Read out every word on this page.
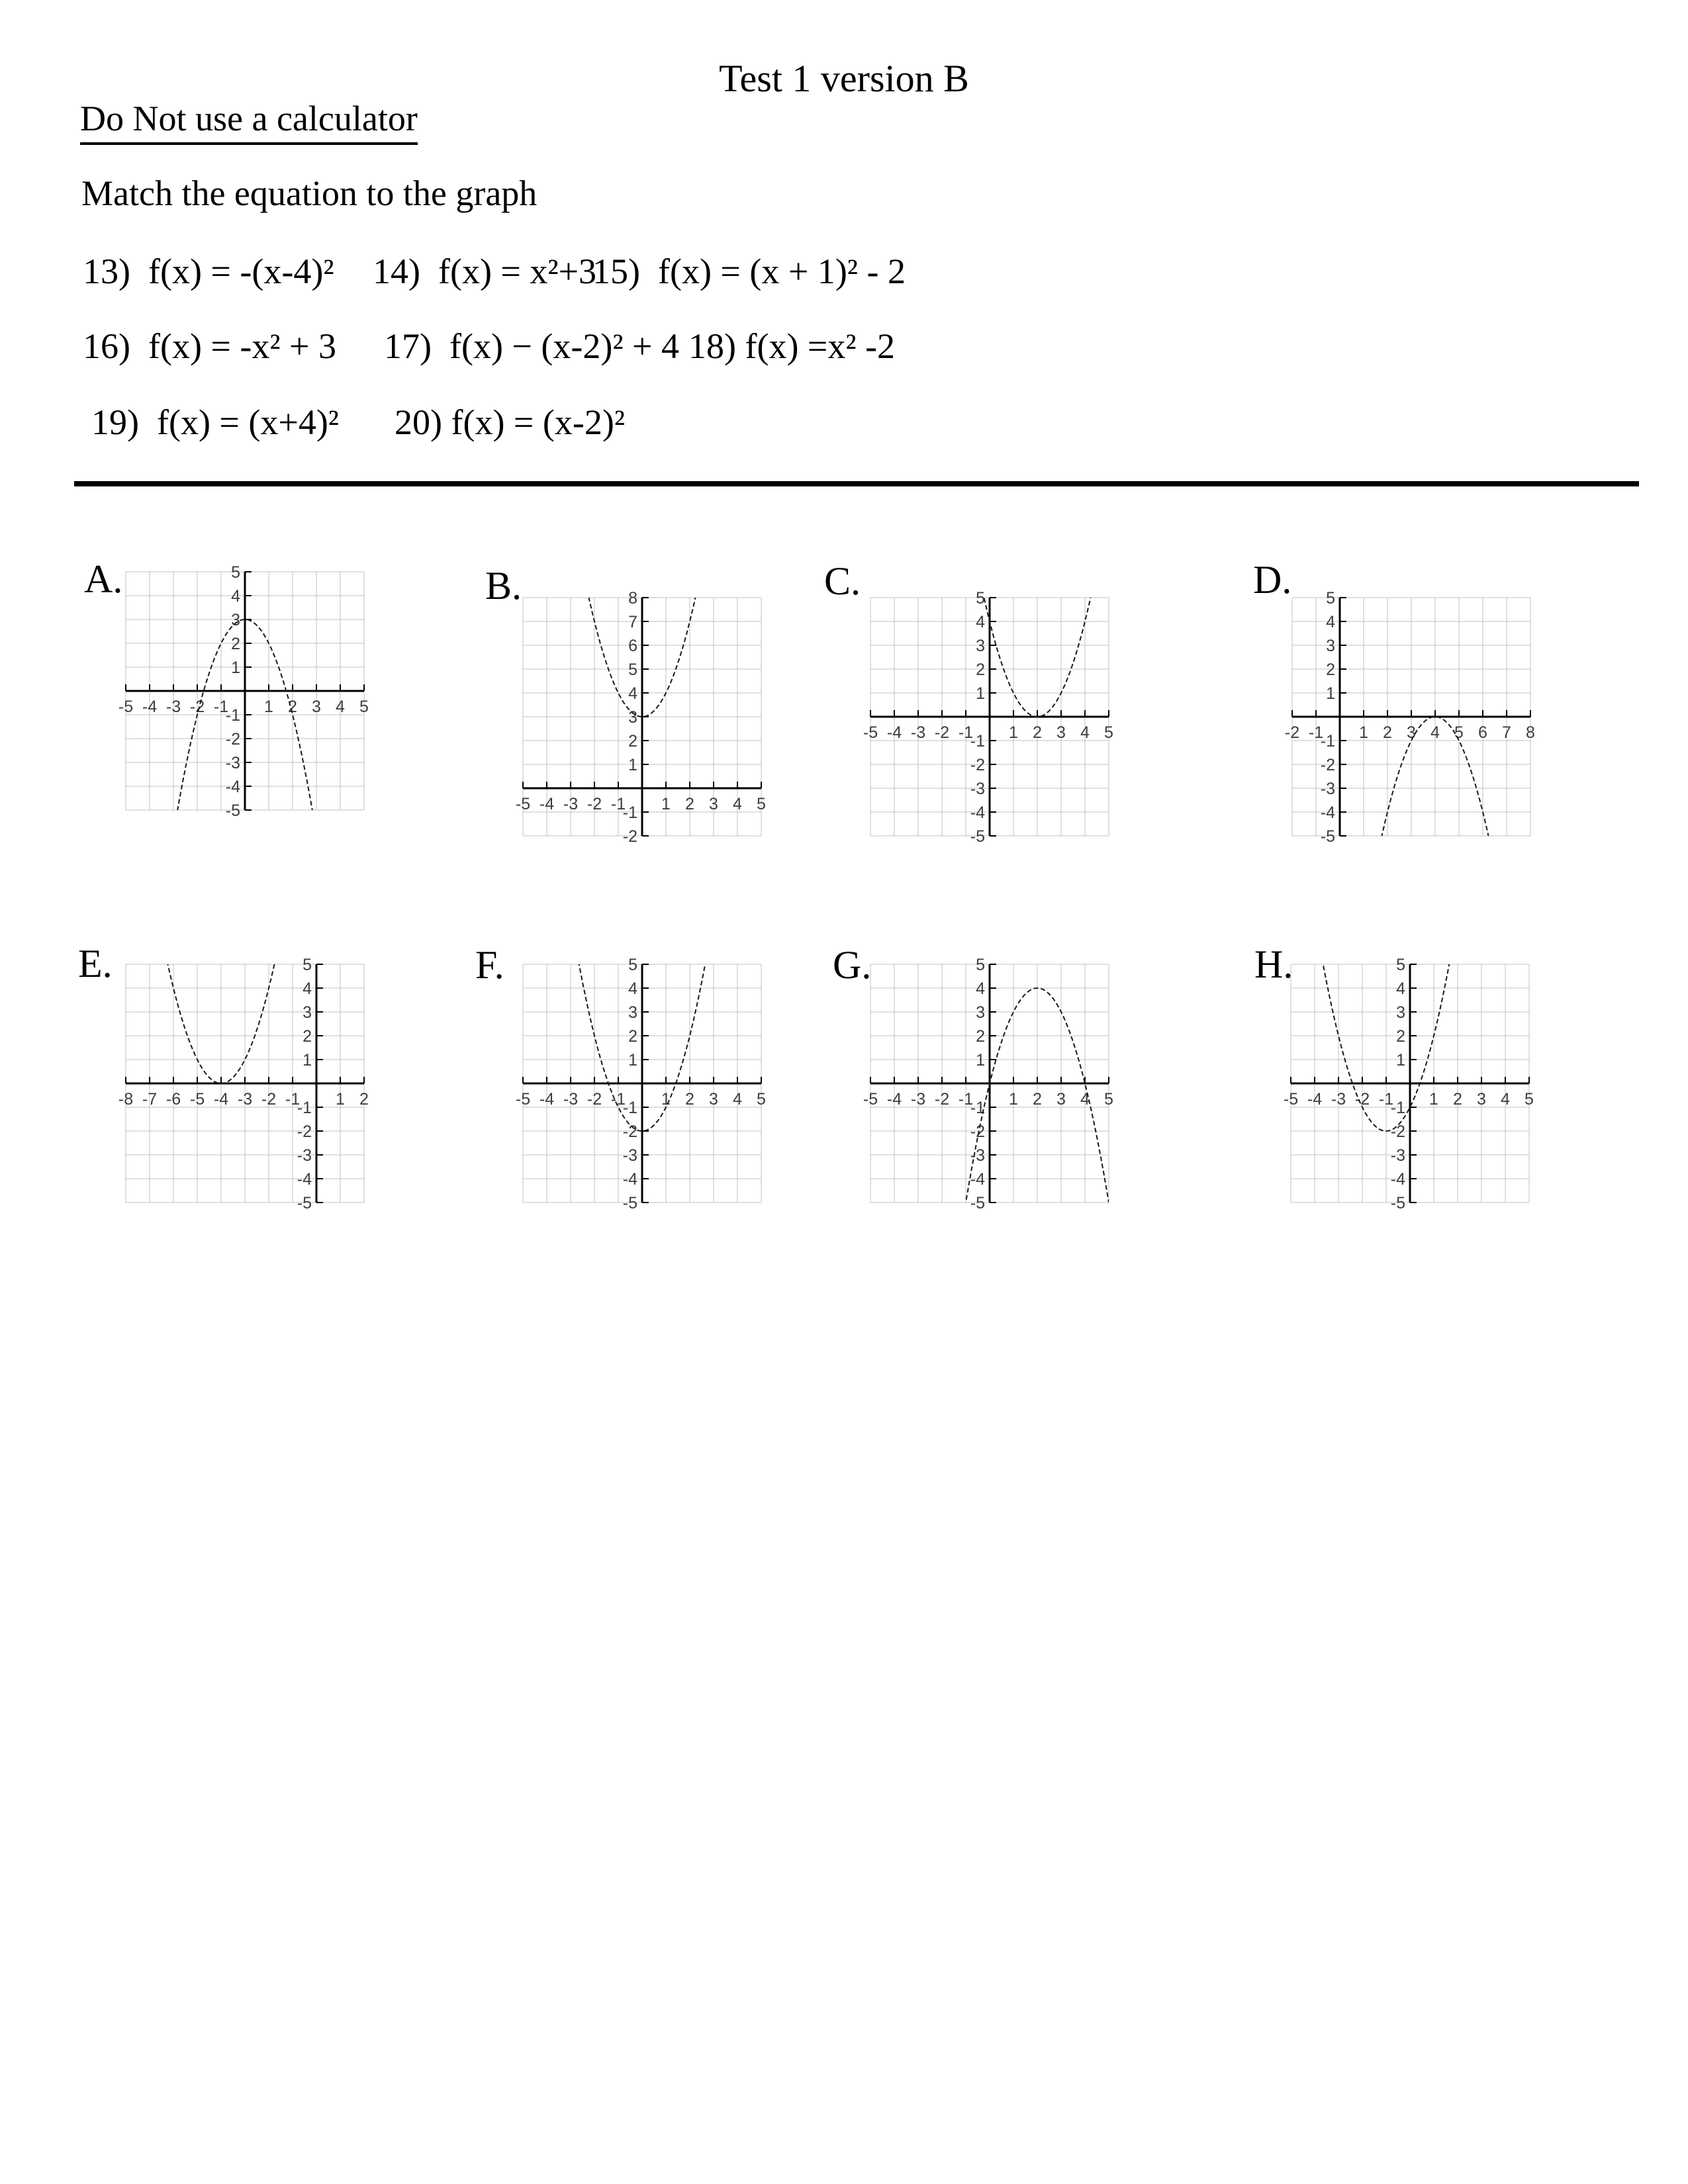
Test 1 version B
Do Not use a calculator
Match the equation to the graph
13)  f(x) = -(x-4)² 14)  f(x) = x²+3
15)  f(x) = (x + 1)² - 2
16)  f(x) = -x² + 3 17)  f(x) − (x-2)² + 4 18) f(x) =x² -2
19)  f(x) = (x+4)² 20) f(x) = (x-2)²
A.	B.	C.	D.
E.	F.	G.	H.
-5 -4 -3 -2 -1 1 2 3 4 5
-5
-4
-3
-2
-1
1
2
3
4
5
-5 -4 -3 -2 -1 1 2 3 4 5
-2
-1
1
2
3
4
5
6
7
8
-5 -4 -3 -2 -1 1 2 3 4 5
-5
-4
-3
-2
-1
1
2
3
4
5
-2 -1 1 2 3 4 5 6 7 8
-5
-4
-3
-2
-1
1
2
3
4
5
-8 -7 -6 -5 -4 -3 -2 -1 1 2
-5
-4
-3
-2
-1
1
2
3
4
5
-5 -4 -3 -2 -1 1 2 3 4 5
-5
-4
-3
-2
-1
1
2
3
4
5
-5 -4 -3 -2 -1 1 2 3 4 5
-5
-4
-3
-2
-1
1
2
3
4
5
-5 -4 -3 -2 -1 1 2 3 4 5
-5
-4
-3
-2
-1
1
2
3
4
5
